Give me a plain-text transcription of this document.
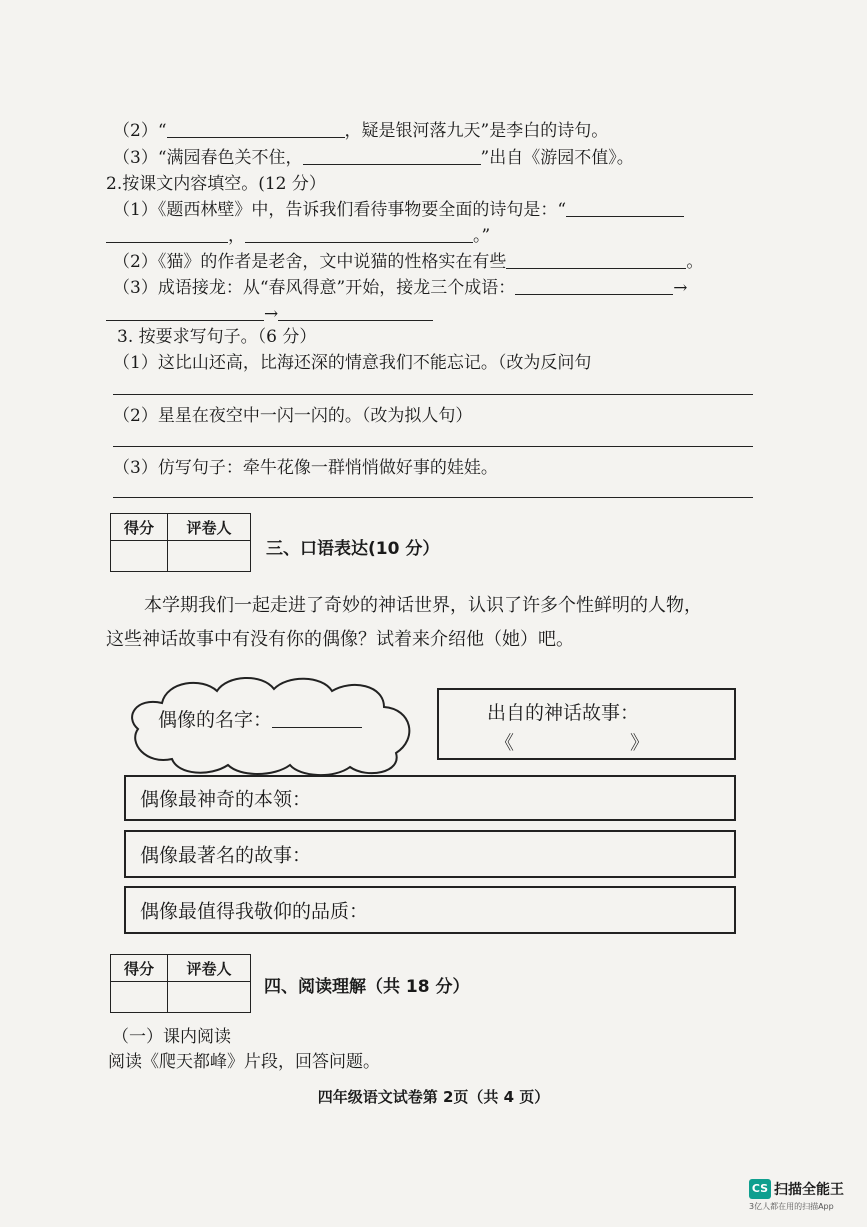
（2）“	，疑是银河落九天”是李白的诗句。
（3）“满园春色关不住，	”出自《游园不值》。
2.按课文内容填空。(12 分）
（1）《题西林壁》中，告诉我们看待事物要全面的诗句是：“
，	。”
（2）《猫》的作者是老舍，文中说猫的性格实在有些	。
（3）成语接龙：从“春风得意”开始，接龙三个成语：	→
→
3. 按要求写句子。（6 分）
（1）这比山还高，比海还深的情意我们不能忘记。（改为反问句
（2）星星在夜空中一闪一闪的。（改为拟人句）
（3）仿写句子：牵牛花像一群悄悄做好事的娃娃。
得分	评卷人

三、口语表达(10 分）
本学期我们一起走进了奇妙的神话世界，认识了许多个性鲜明的人物，
这些神话故事中有没有你的偶像？试着来介绍他（她）吧。
偶像的名字：	出自的神话故事：
《	》
偶像最神奇的本领：
偶像最著名的故事：
偶像最值得我敬仰的品质：
得分	评卷人

四、阅读理解（共 18 分）
（一）课内阅读
阅读《爬天都峰》片段，回答问题。
四年级语文试卷第 2页（共 4 页）
CS 扫描全能王
3亿人都在用的扫描App
